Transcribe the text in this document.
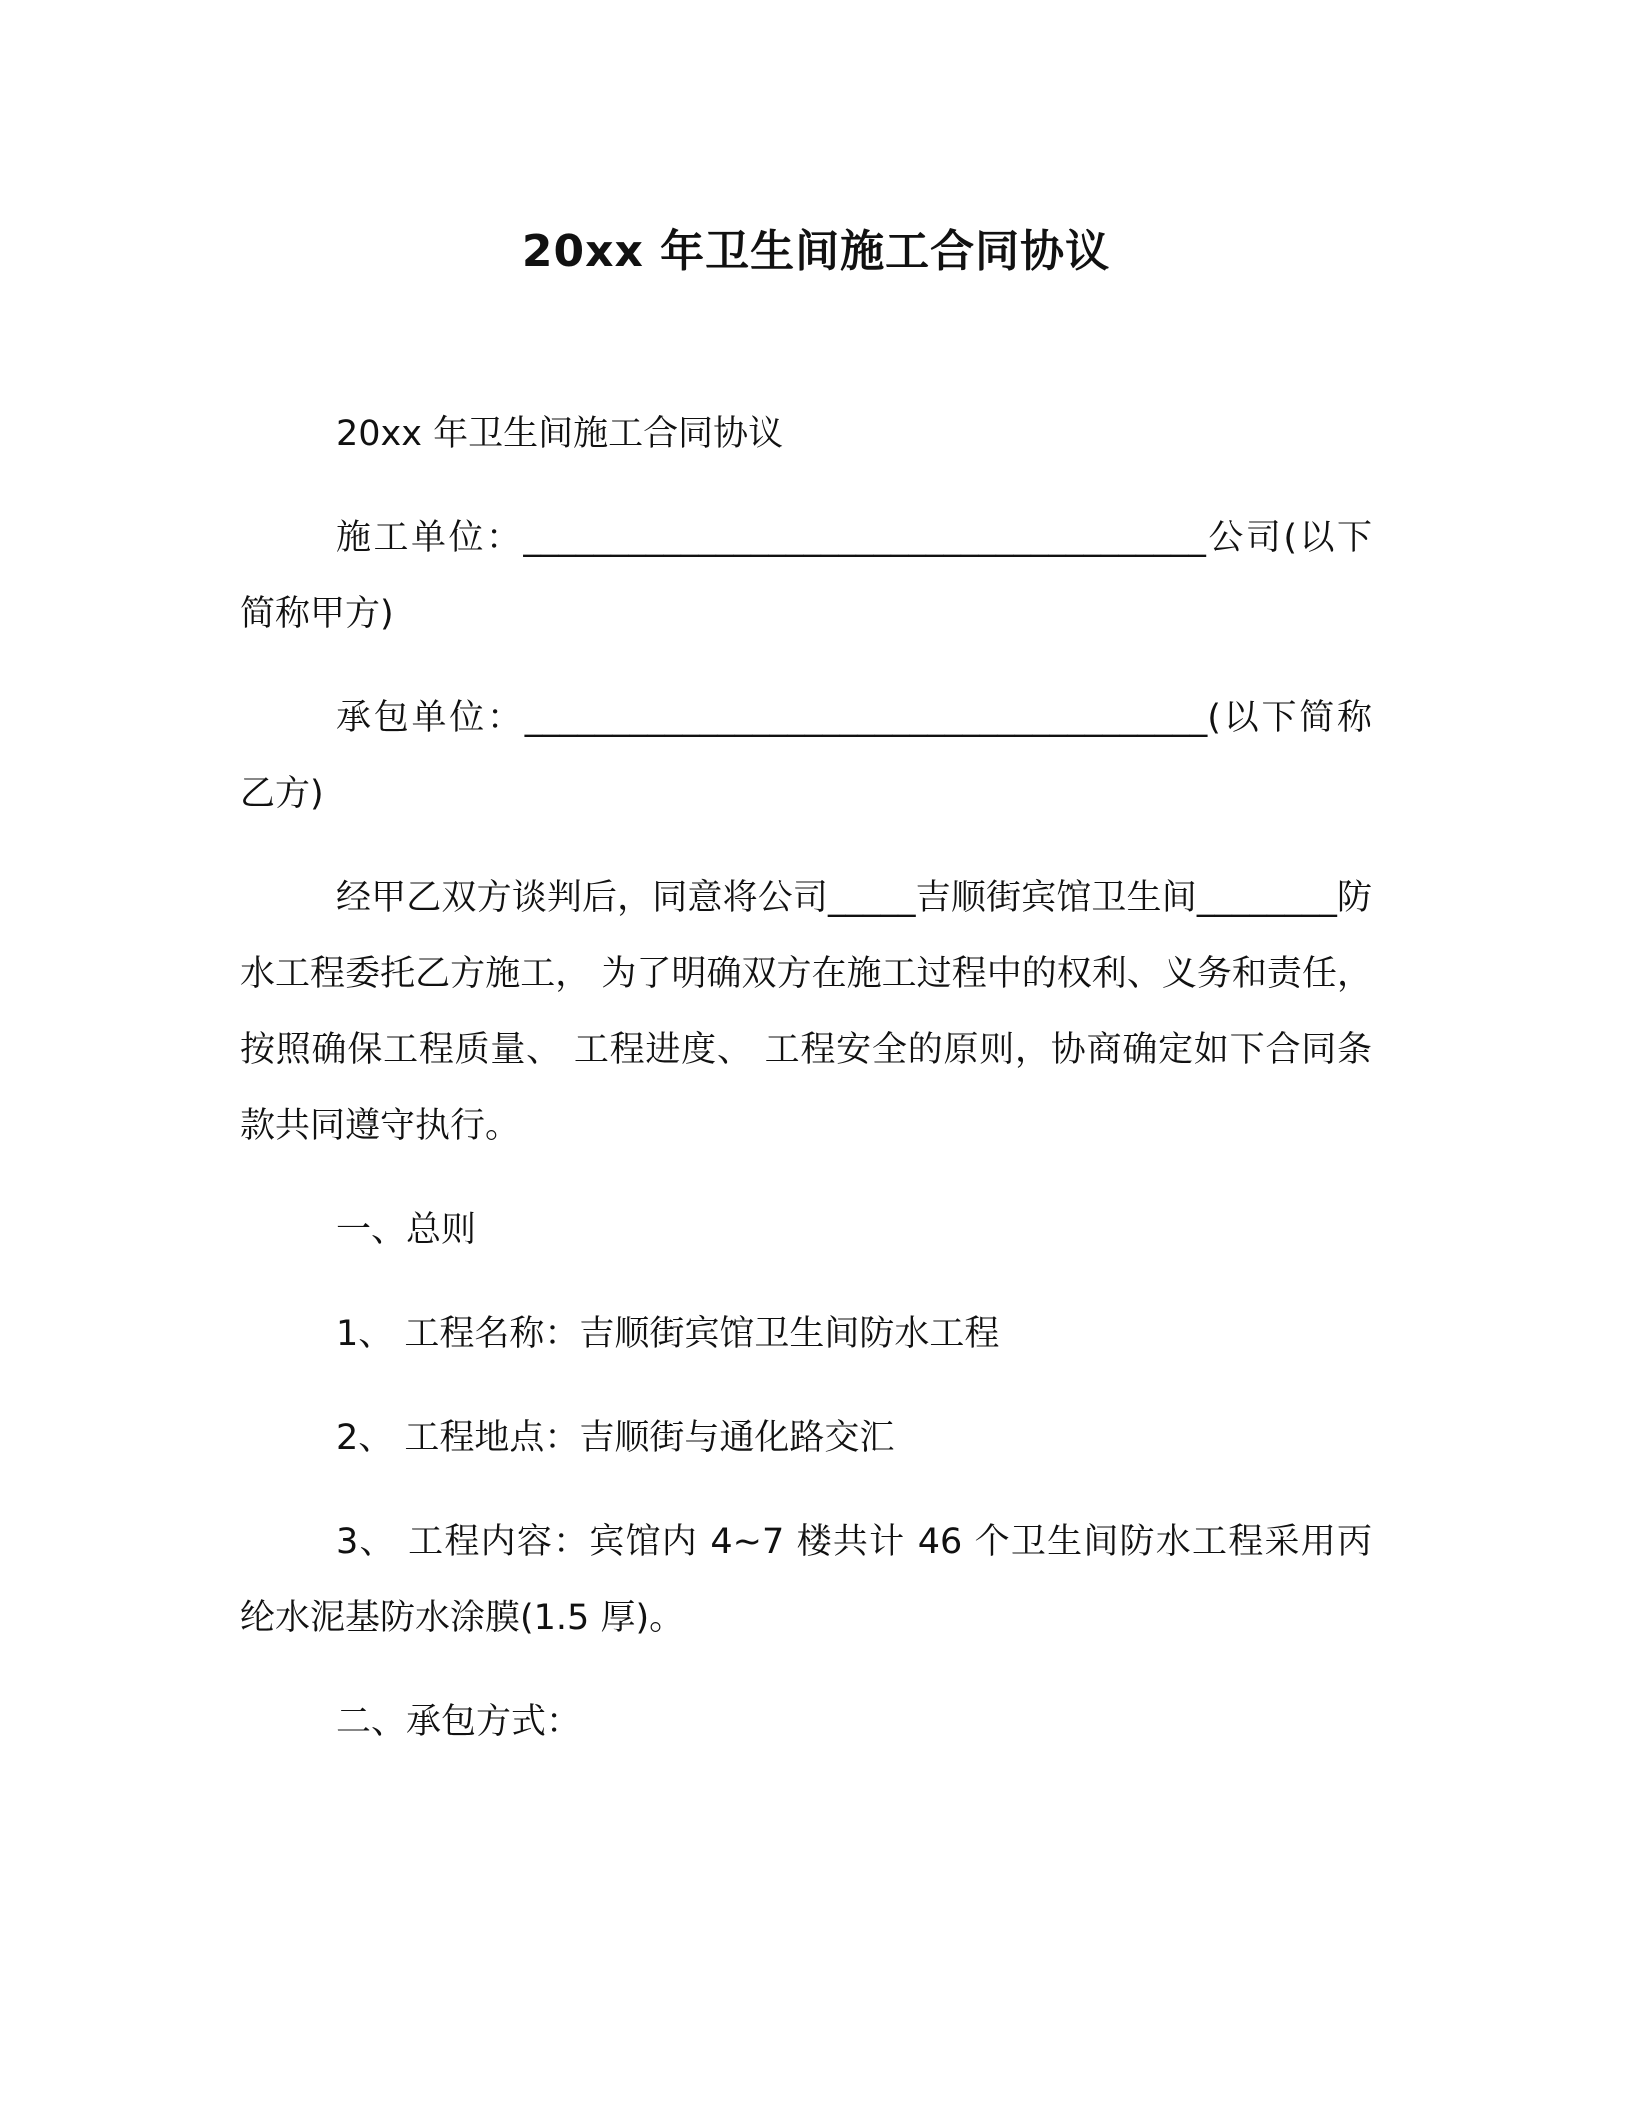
20xx 年卫生间施工合同协议

20xx 年卫生间施工合同协议

施工单位：_______________________________________公司(以下简称甲方)

承包单位：_______________________________________(以下简称乙方)

经甲乙双方谈判后，同意将公司_____吉顺街宾馆卫生间________防水工程委托乙方施工， 为了明确双方在施工过程中的权利、义务和责任，按照确保工程质量、 工程进度、 工程安全的原则，协商确定如下合同条款共同遵守执行。

一、总则

1、 工程名称：吉顺街宾馆卫生间防水工程

2、 工程地点：吉顺街与通化路交汇

3、 工程内容：宾馆内 4~7 楼共计 46 个卫生间防水工程采用丙纶水泥基防水涂膜(1.5 厚)。

二、承包方式：
